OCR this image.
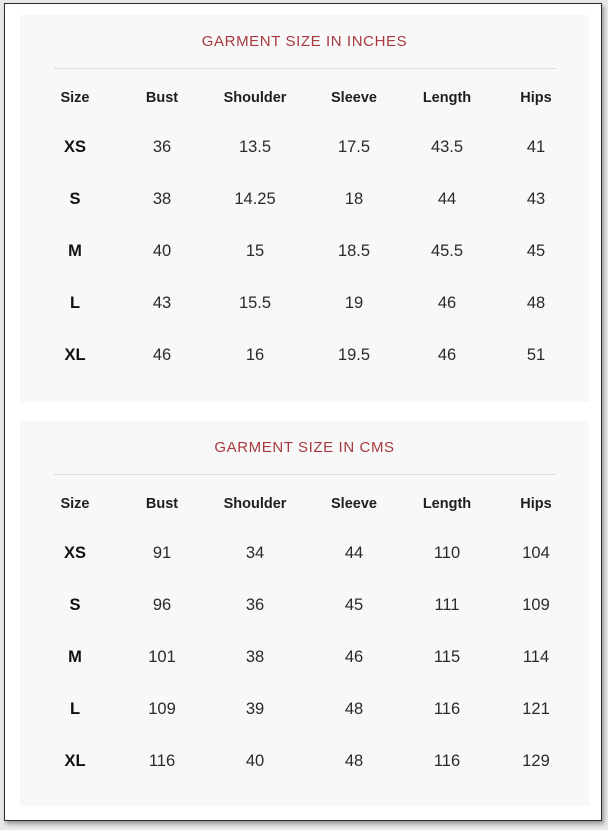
GARMENT SIZE IN INCHES
Size	Bust	Shoulder	Sleeve	Length	Hips
XS	36	13.5	17.5	43.5	41
S	38	14.25	18	44	43
M	40	15	18.5	45.5	45
L	43	15.5	19	46	48
XL	46	16	19.5	46	51
GARMENT SIZE IN CMS
Size	Bust	Shoulder	Sleeve	Length	Hips
XS	91	34	44	110	104
S	96	36	45	111	109
M	101	38	46	115	114
L	109	39	48	116	121
XL	116	40	48	116	129
